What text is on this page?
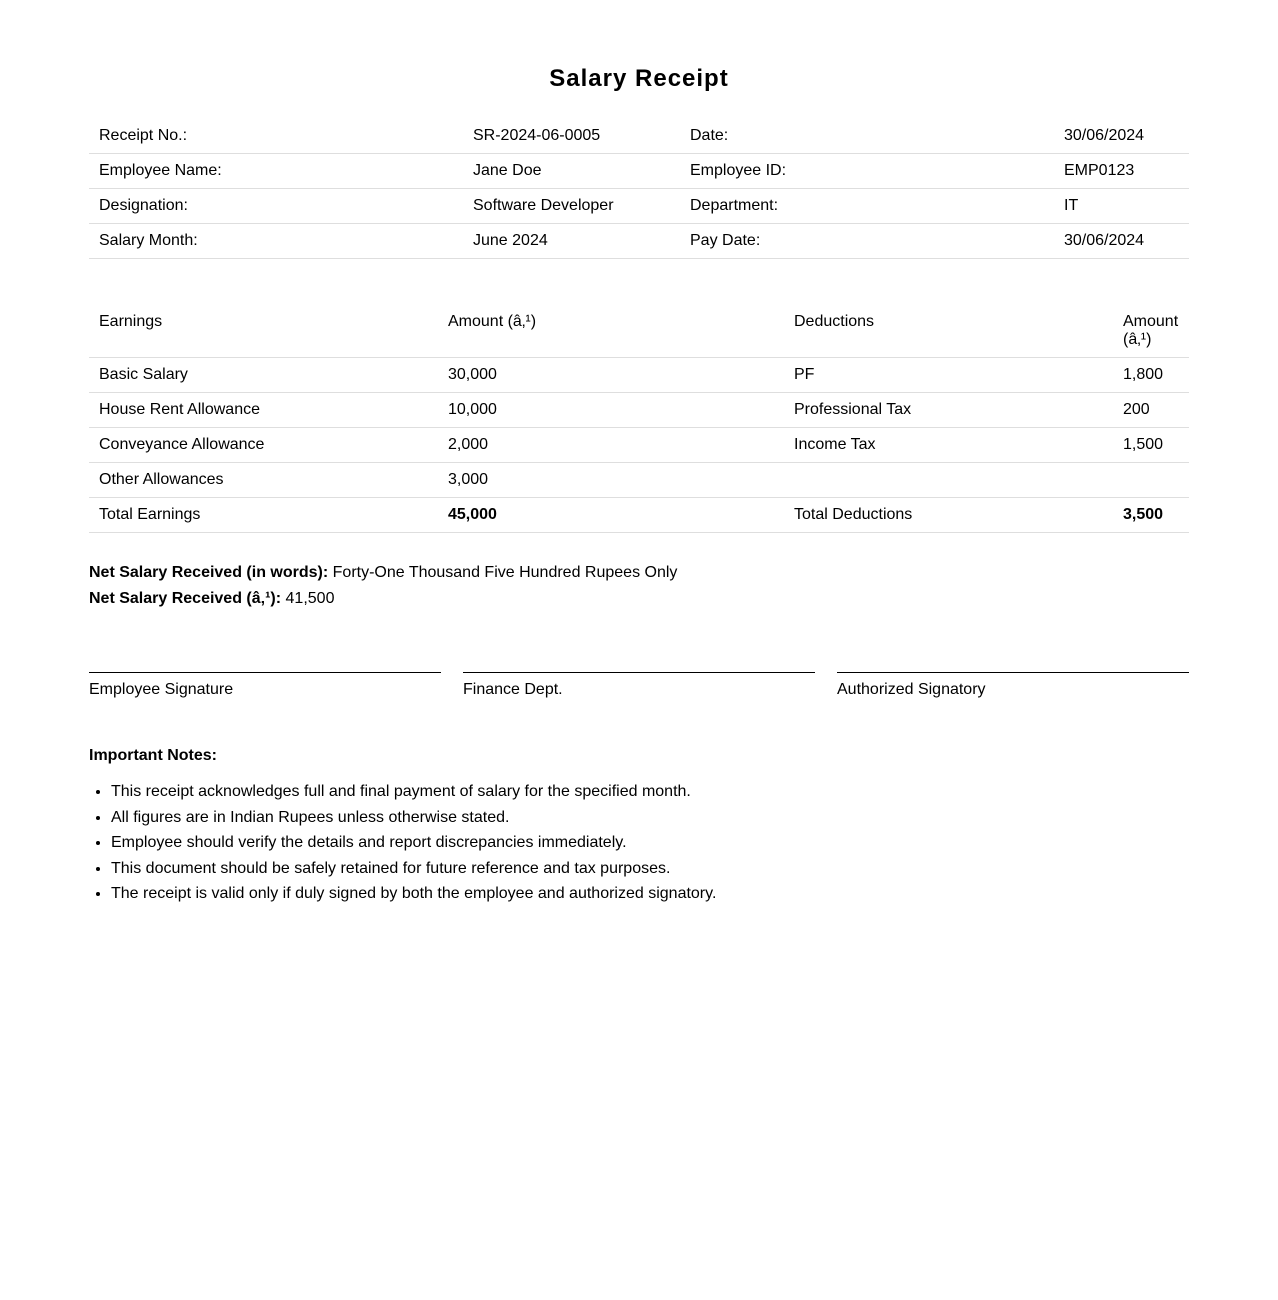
Salary Receipt
Receipt No.:	SR-2024-06-0005	Date:	30/06/2024
Employee Name:	Jane Doe	Employee ID:	EMP0123
Designation:	Software Developer	Department:	IT
Salary Month:	June 2024	Pay Date:	30/06/2024
Earnings	Amount (â‚¹)	Deductions	Amount (â‚¹)
Basic Salary	30,000	PF	1,800
House Rent Allowance	10,000	Professional Tax	200
Conveyance Allowance	2,000	Income Tax	1,500
Other Allowances	3,000		
Total Earnings	45,000	Total Deductions	3,500
Net Salary Received (in words): Forty-One Thousand Five Hundred Rupees Only
Net Salary Received (â‚¹): 41,500
Employee Signature	Finance Dept.	Authorized Signatory
Important Notes:
• This receipt acknowledges full and final payment of salary for the specified month.
• All figures are in Indian Rupees unless otherwise stated.
• Employee should verify the details and report discrepancies immediately.
• This document should be safely retained for future reference and tax purposes.
• The receipt is valid only if duly signed by both the employee and authorized signatory.
